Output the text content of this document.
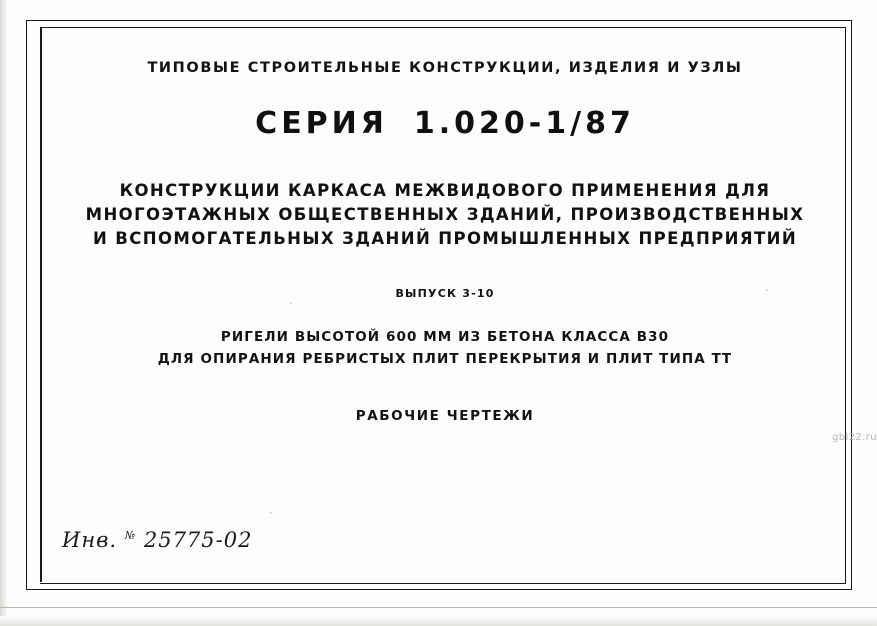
ТИПОВЫЕ СТРОИТЕЛЬНЫЕ КОНСТРУКЦИИ, ИЗДЕЛИЯ И УЗЛЫ
СЕРИЯ 1.020-1/87
КОНСТРУКЦИИ КАРКАСА МЕЖВИДОВОГО ПРИМЕНЕНИЯ ДЛЯ
МНОГОЭТАЖНЫХ ОБЩЕСТВЕННЫХ ЗДАНИЙ, ПРОИЗВОДСТВЕННЫХ
И ВСПОМОГАТЕЛЬНЫХ ЗДАНИЙ ПРОМЫШЛЕННЫХ ПРЕДПРИЯТИЙ
ВЫПУСК 3-10
РИГЕЛИ ВЫСОТОЙ 600 ММ ИЗ БЕТОНА КЛАССА В30
ДЛЯ ОПИРАНИЯ РЕБРИСТЫХ ПЛИТ ПЕРЕКРЫТИЯ И ПЛИТ ТИПА ТТ
РАБОЧИЕ ЧЕРТЕЖИ
Инв. № 25775-02
gbi22.ru
